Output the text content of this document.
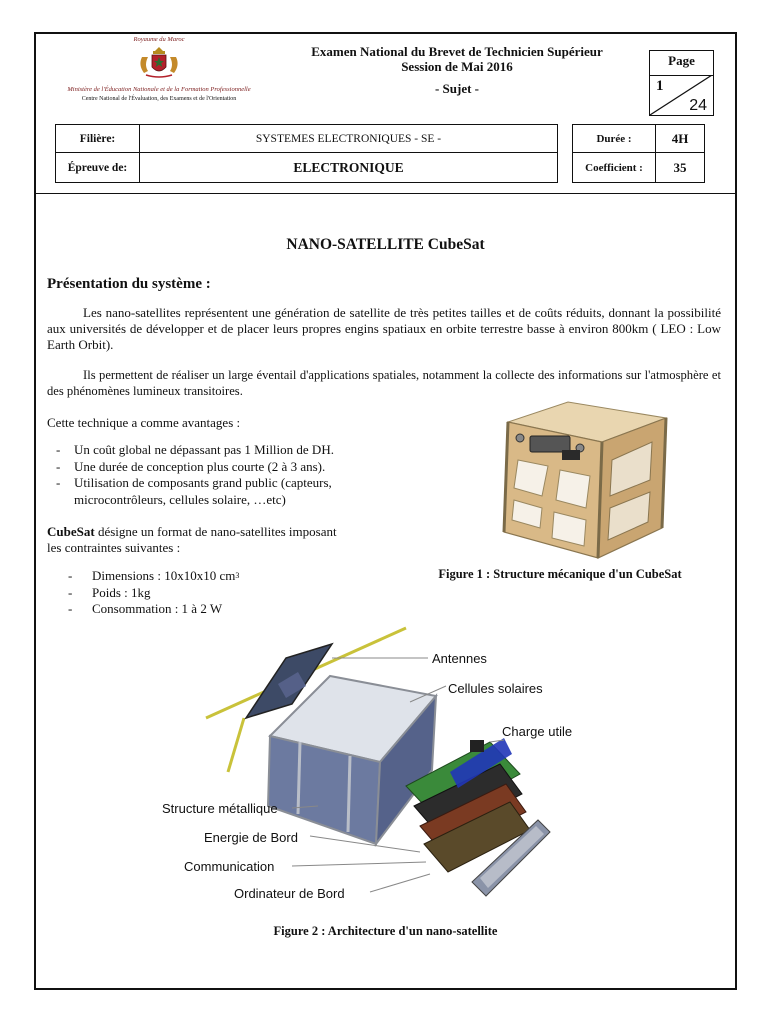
Royaume du Maroc
Ministère de l'Éducation Nationale et de la Formation Professionnelle
Centre National de l'Évaluation, des Examens et de l'Orientation
Examen National du Brevet de Technicien Supérieur
Session de Mai 2016
- Sujet -
Page
1
24
Filière:	SYSTEMES ELECTRONIQUES - SE -
Épreuve de:	ELECTRONIQUE
Durée :	4H
Coefficient :	35
NANO-SATELLITE CubeSat
Présentation du système :
Les nano-satellites représentent une génération de satellite de très petites tailles et de coûts réduits, donnant la possibilité aux universités de développer et de placer leurs propres engins spatiaux en orbite terrestre basse à environ 800km ( LEO : Low Earth Orbit).
Ils permettent de réaliser un large éventail d'applications spatiales, notamment la collecte des informations sur l'atmosphère et des phénomènes lumineux transitoires.
Cette technique a comme avantages :
-	Un coût global ne dépassant pas 1 Million de DH.
-	Une durée de conception plus courte (2 à 3 ans).
-	Utilisation de composants grand public (capteurs, microcontrôleurs, cellules solaire, …etc)
CubeSat désigne un format de nano-satellites imposant les contraintes suivantes :
-	Dimensions : 10x10x10 cm 3
-	Poids : 1kg
-	Consommation : 1 à 2 W
Figure 1 : Structure mécanique d'un CubeSat
Antennes
Cellules solaires
Charge utile
Structure métallique
Energie de Bord
Communication
Ordinateur de Bord
Figure 2 : Architecture d'un nano-satellite
